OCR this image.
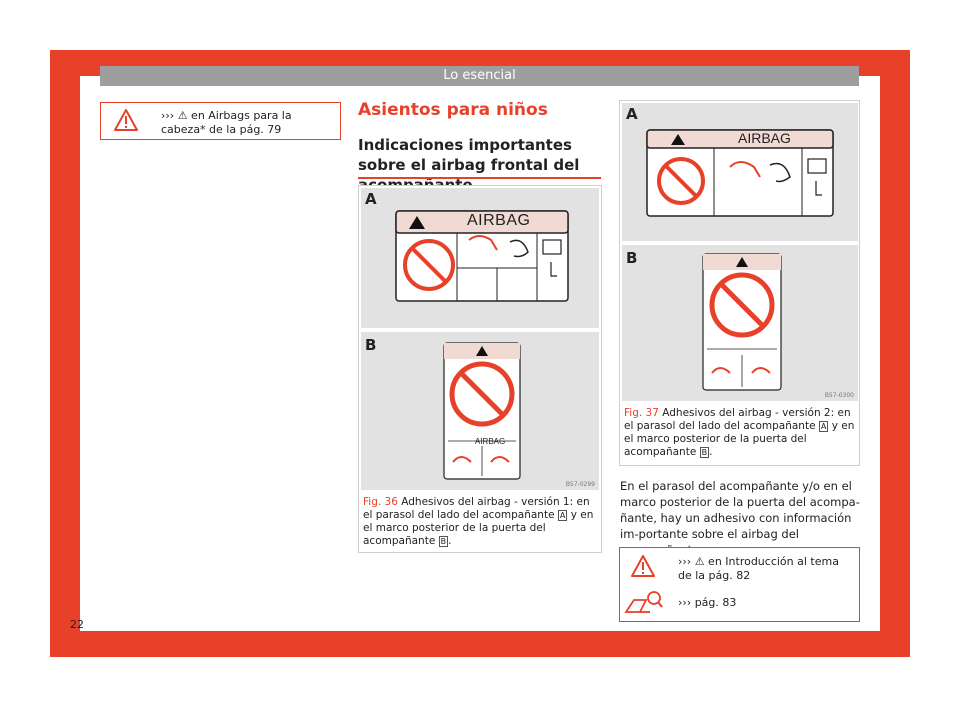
Lo esencial
››› ⚠ en Airbags para la cabeza* de la pág. 79
Asientos para niños
Indicaciones importantes sobre el airbag frontal del
A
AIRBAG
B
AIRBAG
B57-0299
Fig. 36 Adhesivos del airbag - versión 1: en el parasol del lado del acompañante A y en el marco posterior de la puerta del acompañante B .
A
AIRBAG
B
B57-0300
Fig. 37 Adhesivos del airbag - versión 2: en el parasol del lado del acompañante A y en el marco posterior de la puerta del acompañante B .
En el parasol del acompañante y/o en el marco posterior de la puerta del acompa-ñante, hay un adhesivo con información im-portante sobre el airbag del
››› ⚠ en Introducción al tema de la pág. 82
››› pág. 83
22
